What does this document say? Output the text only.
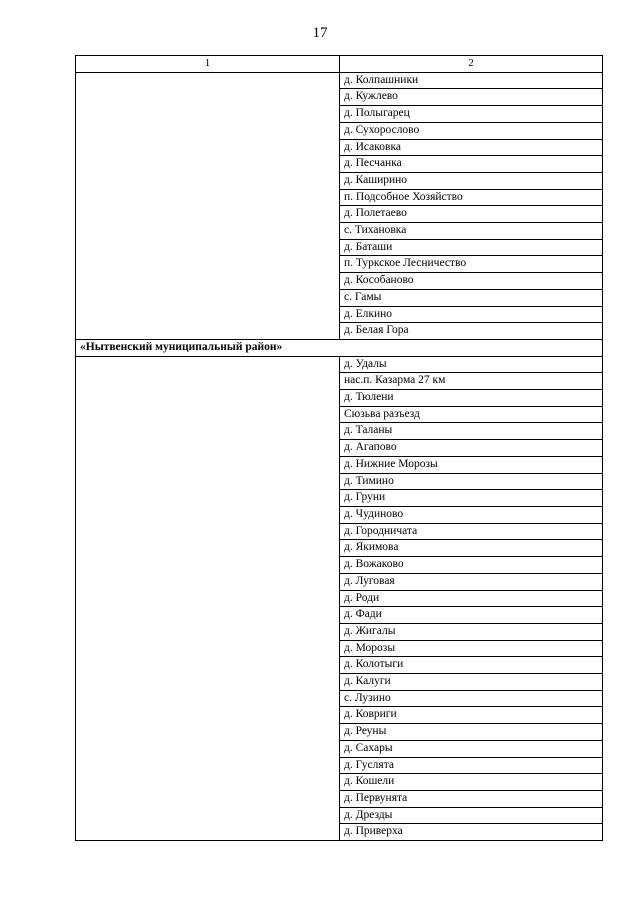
17
1	2
	д. Колпашники
	д. Кужлево
	д. Полыгарец
	д. Сухорослово
	д. Исаковка
	д. Песчанка
	д. Каширино
	п. Подсобное Хозяйство
	д. Полетаево
	с. Тихановка
	д. Баташи
	п. Туркское Лесничество
	д. Кособаново
	с. Гамы
	д. Елкино
	д. Белая Гора
«Нытвенский муниципальный район»	
	д. Удалы
	нас.п. Казарма 27 км
	д. Тюлени
	Сюзьва разъезд
	д. Таланы
	д. Агапово
	д. Нижние Морозы
	д. Тимино
	д. Груни
	д. Чудиново
	д. Городничата
	д. Якимова
	д. Вожаково
	д. Луговая
	д. Роди
	д. Фади
	д. Жигалы
	д. Морозы
	д. Колотыги
	д. Калуги
	с. Лузино
	д. Ковриги
	д. Реуны
	д. Сахары
	д. Гуслята
	д. Кошели
	д. Первунята
	д. Дрезды
	д. Приверха
